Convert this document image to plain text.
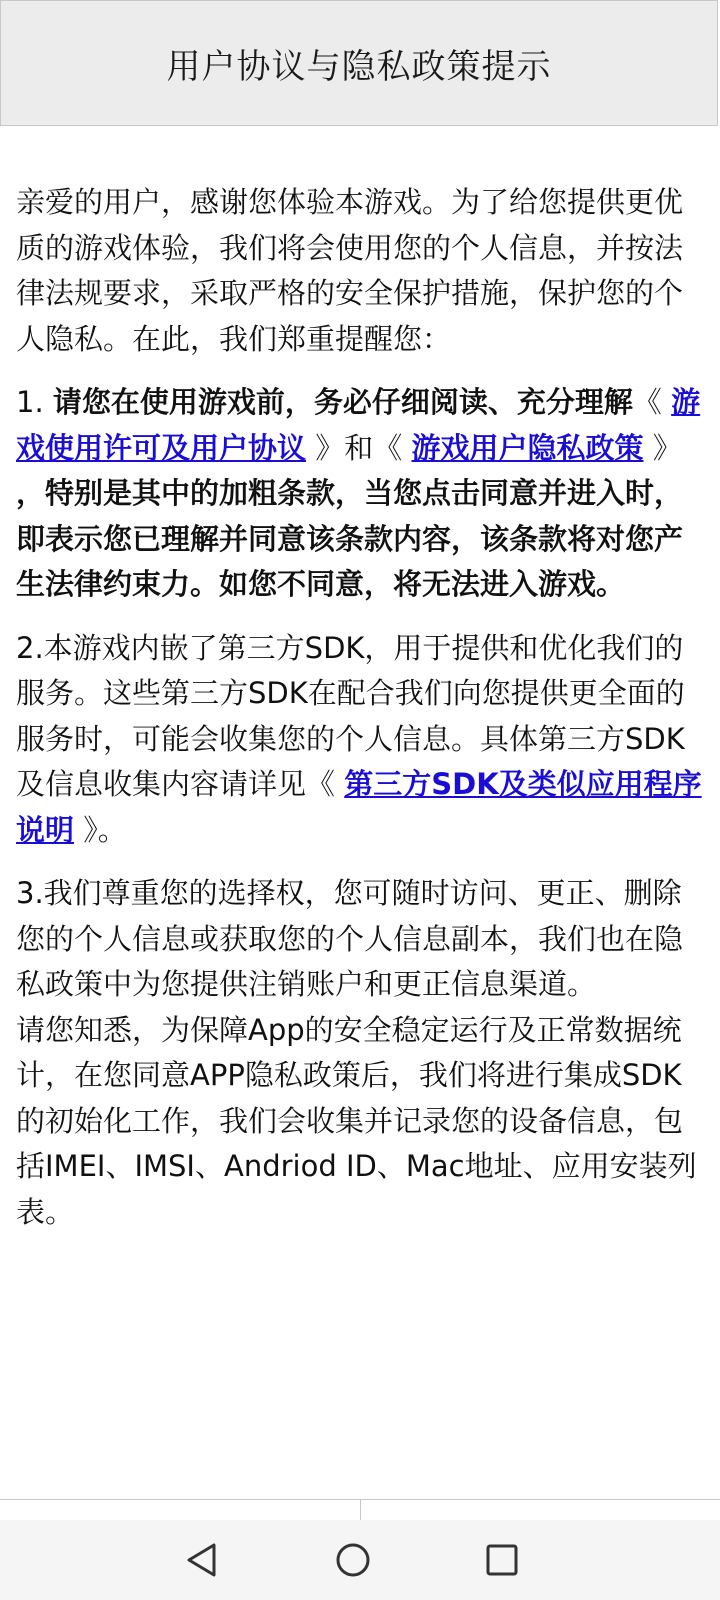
用户协议与隐私政策提示

亲爱的用户，感谢您体验本游戏。为了给您提供更优质的游戏体验，我们将会使用您的个人信息，并按法律法规要求，采取严格的安全保护措施，保护您的个人隐私。在此，我们郑重提醒您：

1. 请您在使用游戏前，务必仔细阅读、充分理解《 游戏使用许可及用户协议 》和《 游戏用户隐私政策 》 ，特别是其中的加粗条款，当您点击同意并进入时，即表示您已理解并同意该条款内容，该条款将对您产生法律约束力。如您不同意，将无法进入游戏。

2.本游戏内嵌了第三方SDK，用于提供和优化我们的服务。这些第三方SDK在配合我们向您提供更全面的服务时，可能会收集您的个人信息。具体第三方SDK及信息收集内容请详见《 第三方SDK及类似应用程序说明 》。

3.我们尊重您的选择权，您可随时访问、更正、删除您的个人信息或获取您的个人信息副本，我们也在隐私政策中为您提供注销账户和更正信息渠道。

请您知悉，为保障App的安全稳定运行及正常数据统计，在您同意APP隐私政策后，我们将进行集成SDK的初始化工作，我们会收集并记录您的设备信息，包括IMEI、IMSI、Andriod ID、Mac地址、应用安装列表。
